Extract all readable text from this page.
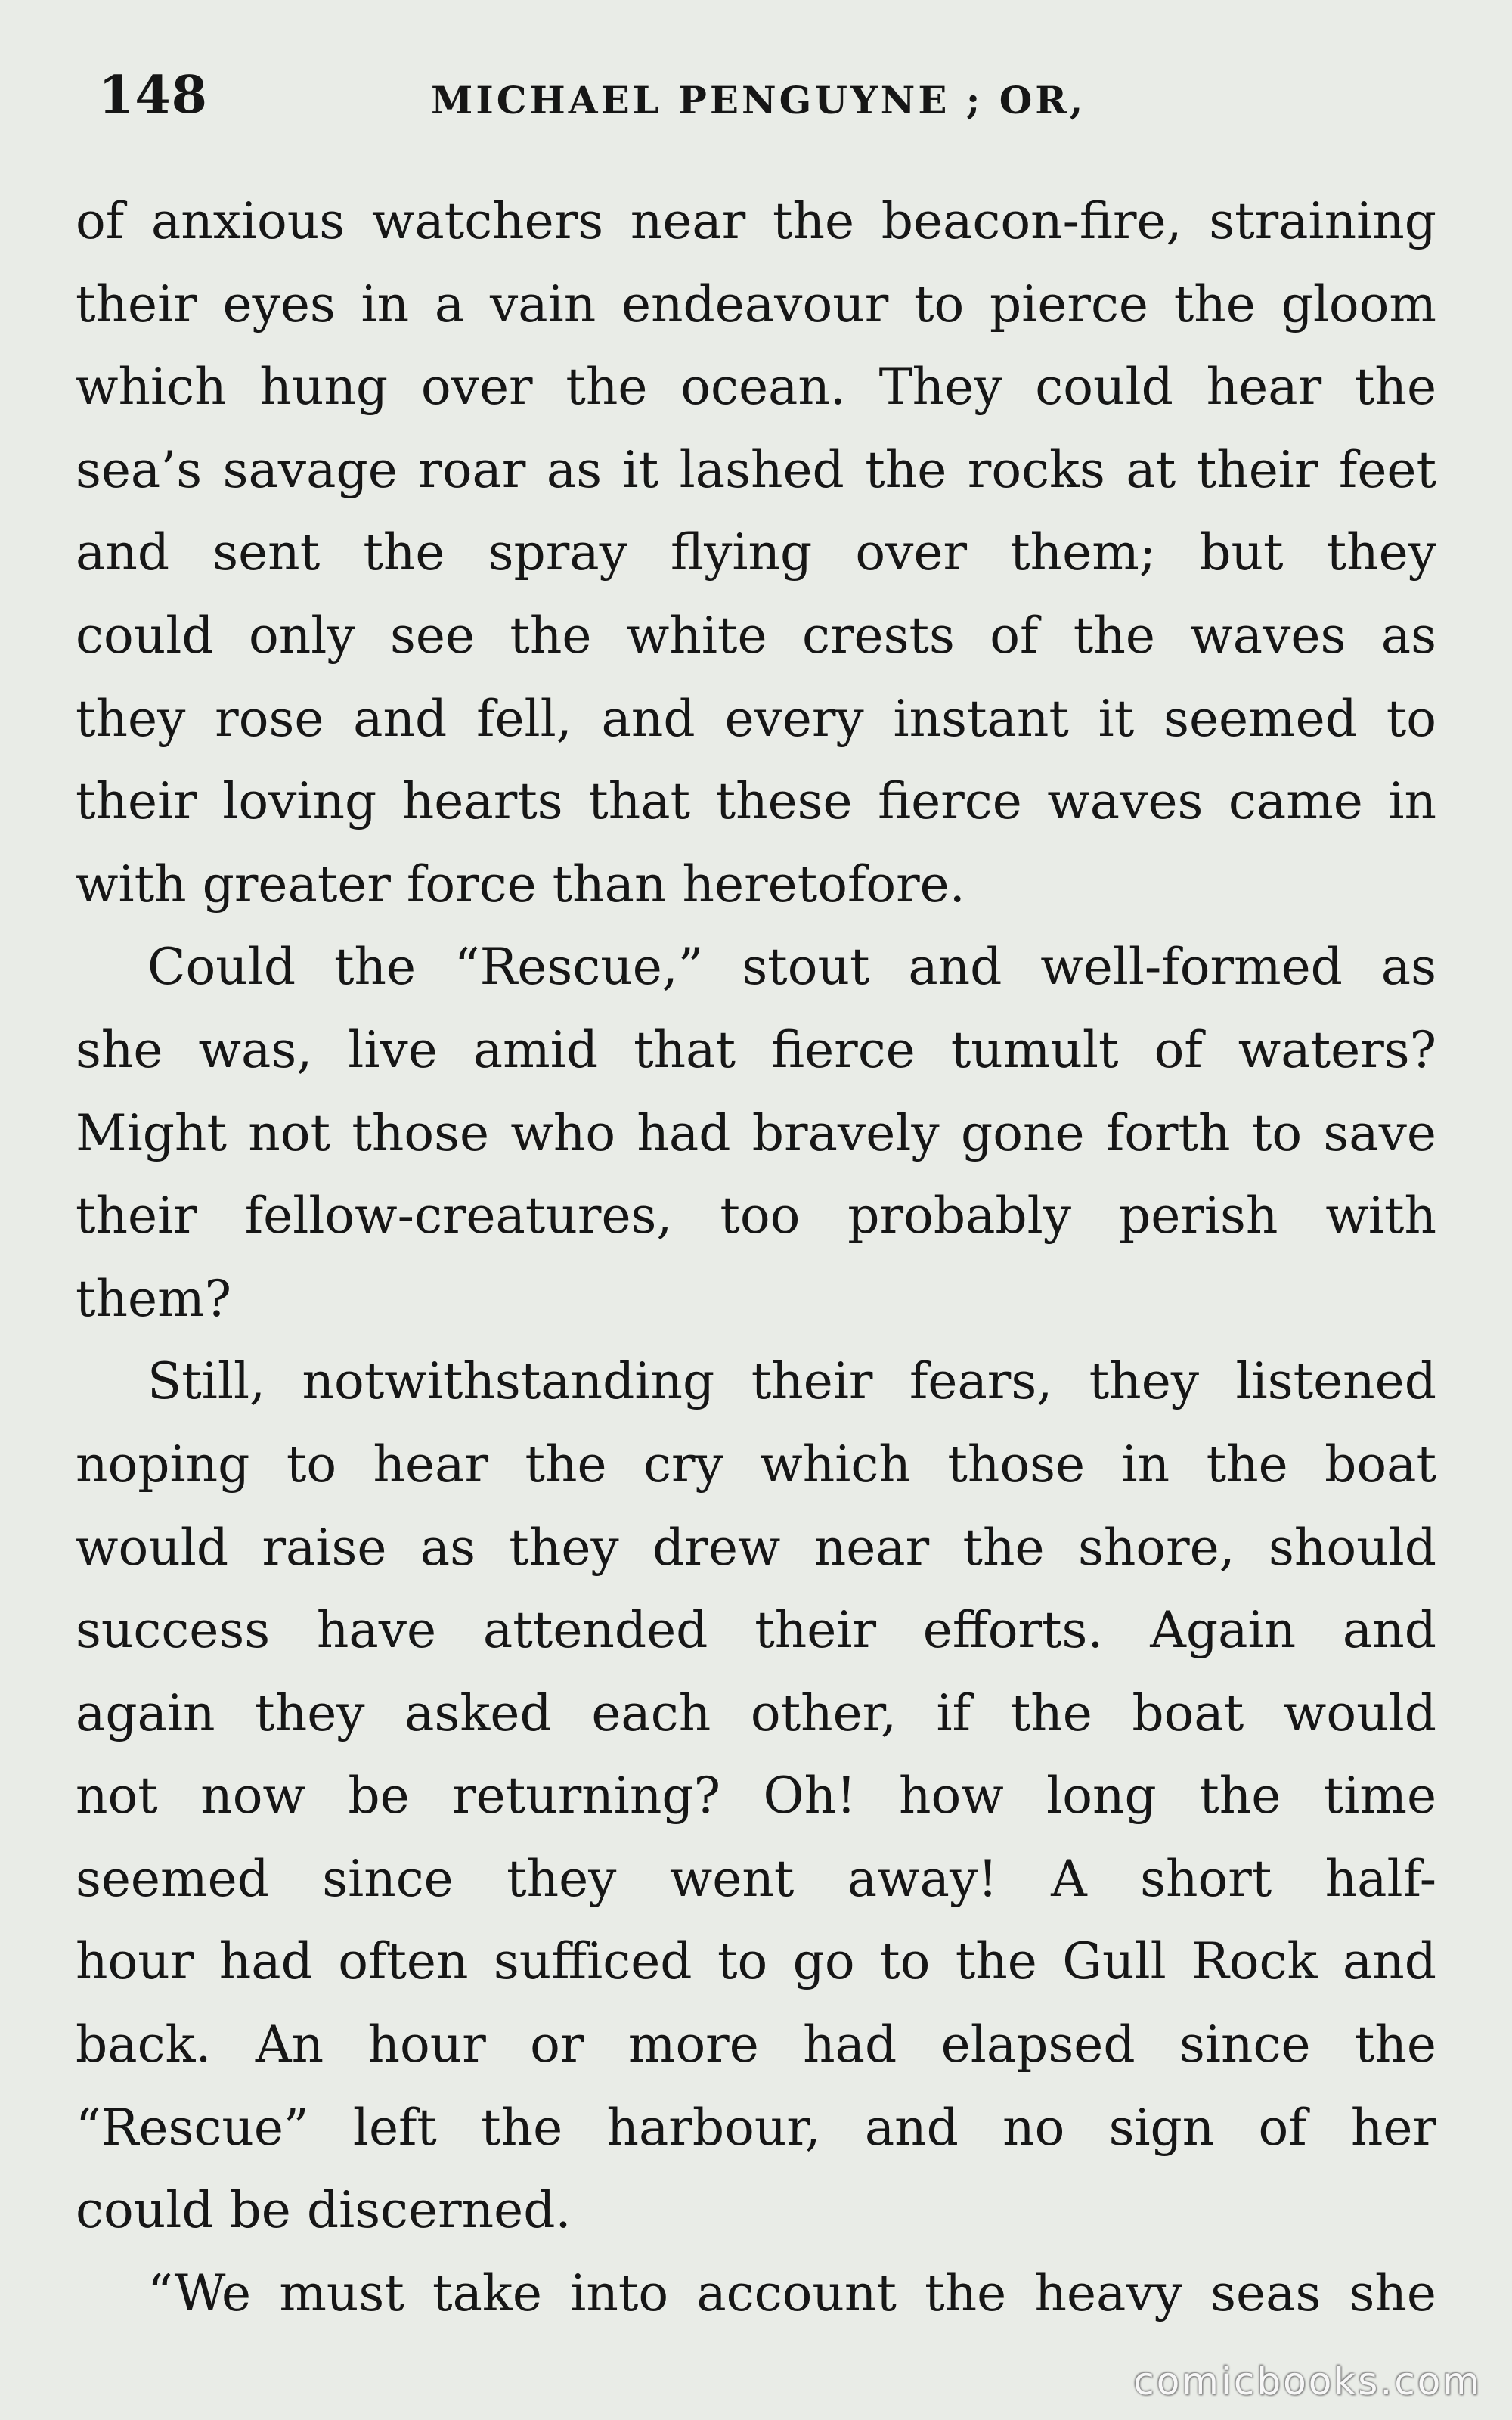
148	MICHAEL PENGUYNE ; OR,
of anxious watchers near the beacon-fire, straining
their eyes in a vain endeavour to pierce the gloom
which hung over the ocean. They could hear the
sea’s savage roar as it lashed the rocks at their feet
and sent the spray flying over them; but they
could only see the white crests of the waves as
they rose and fell, and every instant it seemed to
their loving hearts that these fierce waves came in
with greater force than heretofore.
Could the “Rescue,” stout and well-formed as
she was, live amid that fierce tumult of waters?
Might not those who had bravely gone forth to save
their fellow-creatures, too probably perish with
them?
Still, notwithstanding their fears, they listened
noping to hear the cry which those in the boat
would raise as they drew near the shore, should
success have attended their efforts. Again and
again they asked each other, if the boat would
not now be returning? Oh! how long the time
seemed since they went away! A short half-
hour had often sufficed to go to the Gull Rock and
back. An hour or more had elapsed since the
“Rescue” left the harbour, and no sign of her
could be discerned.
“We must take into account the heavy seas she
comicbooks.com
